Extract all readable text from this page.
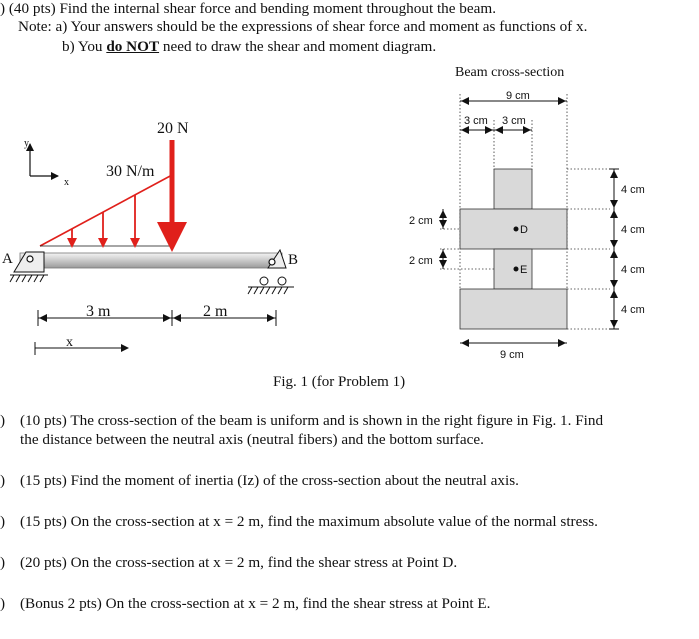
) (40 pts) Find the internal shear force and bending moment throughout the beam.
Note: a) Your answers should be the expressions of shear force and moment as functions of x.
b) You do NOT need to draw the shear and moment diagram.
y
x
30 N/m
20 N
A	B
3 m	2 m
x
Beam cross-section
9 cm
3 cm 3 cm
9 cm
4 cm
4 cm
4 cm
4 cm
2 cm
2 cm
D
E
Fig. 1 (for Problem 1)
) (10 pts) The cross-section of the beam is uniform and is shown in the right figure in Fig. 1. Find
the distance between the neutral axis (neutral fibers) and the bottom surface.
) (15 pts) Find the moment of inertia (Iz) of the cross-section about the neutral axis.
) (15 pts) On the cross-section at x = 2 m, find the maximum absolute value of the normal stress.
) (20 pts) On the cross-section at x = 2 m, find the shear stress at Point D.
) (Bonus 2 pts) On the cross-section at x = 2 m, find the shear stress at Point E.
